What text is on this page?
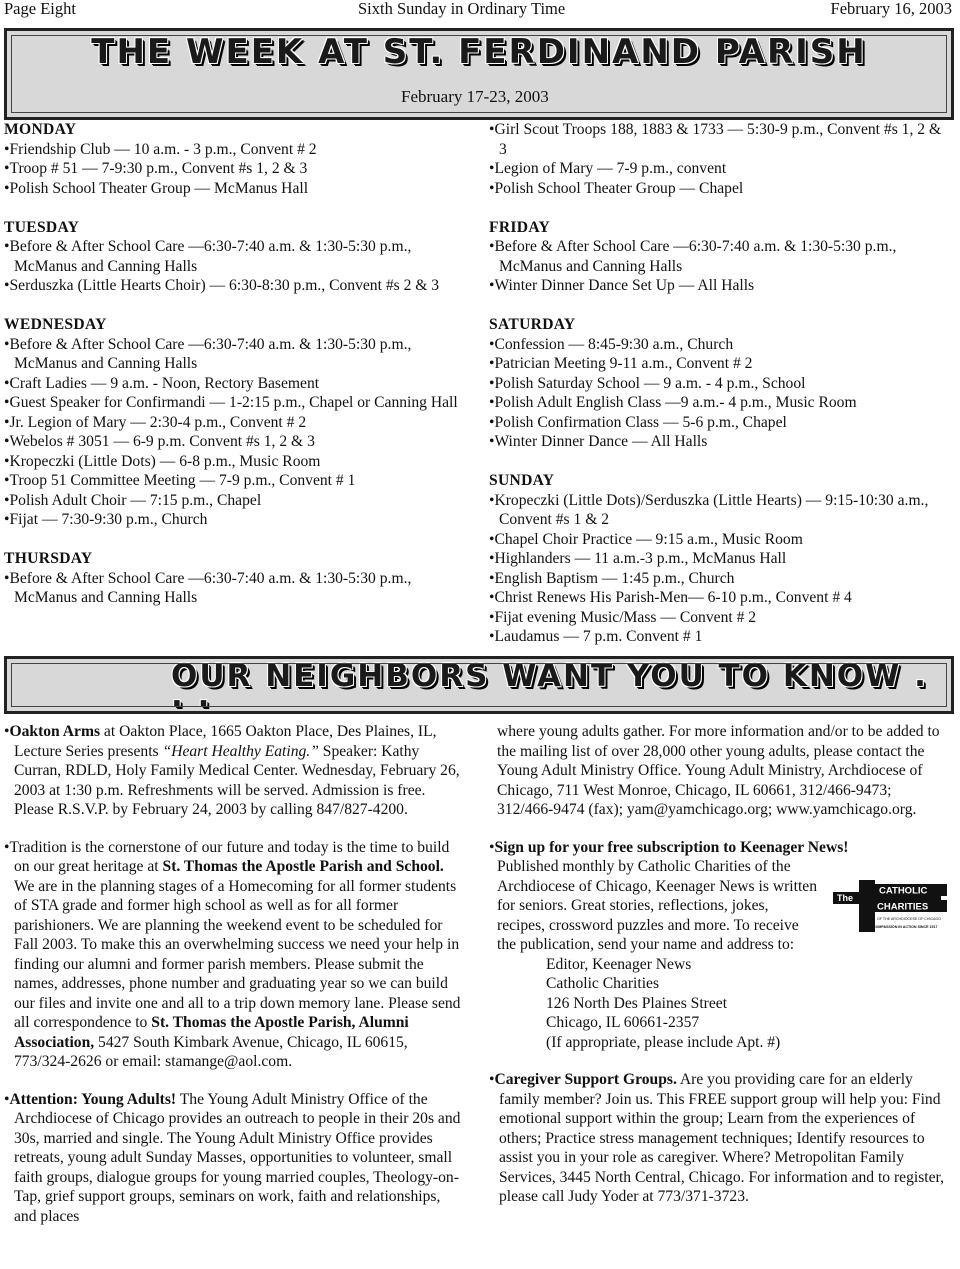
Page Eight	Sixth Sunday in Ordinary Time	February 16, 2003
THE WEEK AT ST. FERDINAND PARISH
February 17-23, 2003
MONDAY
• Friendship Club — 10 a.m. - 3 p.m., Convent # 2
• Troop # 51 — 7-9:30 p.m., Convent #s 1, 2 & 3
• Polish School Theater Group — McManus Hall
TUESDAY
• Before & After School Care —6:30-7:40 a.m. & 1:30-5:30 p.m., McManus and Canning Halls
• Serduszka (Little Hearts Choir) — 6:30-8:30 p.m., Convent #s 2 & 3
WEDNESDAY
• Before & After School Care —6:30-7:40 a.m. & 1:30-5:30 p.m., McManus and Canning Halls
• Craft Ladies — 9 a.m. - Noon, Rectory Basement
• Guest Speaker for Confirmandi — 1-2:15 p.m., Chapel or Canning Hall
• Jr. Legion of Mary — 2:30-4 p.m., Convent # 2
• Webelos # 3051 — 6-9 p.m. Convent #s 1, 2 & 3
• Kropeczki (Little Dots) — 6-8 p.m., Music Room
• Troop 51 Committee Meeting — 7-9 p.m., Convent # 1
• Polish Adult Choir — 7:15 p.m., Chapel
• Fijat — 7:30-9:30 p.m., Church
THURSDAY
• Before & After School Care —6:30-7:40 a.m. & 1:30-5:30 p.m., McManus and Canning Halls
• Girl Scout Troops 188, 1883 & 1733 — 5:30-9 p.m., Convent #s 1, 2 & 3
• Legion of Mary — 7-9 p.m., convent
• Polish School Theater Group — Chapel
FRIDAY
• Before & After School Care —6:30-7:40 a.m. & 1:30-5:30 p.m., McManus and Canning Halls
• Winter Dinner Dance Set Up — All Halls
SATURDAY
• Confession — 8:45-9:30 a.m., Church
• Patrician Meeting 9-11 a.m., Convent # 2
• Polish Saturday School — 9 a.m. - 4 p.m., School
• Polish Adult English Class —9 a.m.- 4 p.m., Music Room
• Polish Confirmation Class — 5-6 p.m., Chapel
• Winter Dinner Dance — All Halls
SUNDAY
• Kropeczki (Little Dots)/Serduszka (Little Hearts) — 9:15-10:30 a.m., Convent #s 1 & 2
• Chapel Choir Practice — 9:15 a.m., Music Room
• Highlanders — 11 a.m.-3 p.m., McManus Hall
• English Baptism — 1:45 p.m., Church
• Christ Renews His Parish-Men— 6-10 p.m., Convent # 4
• Fijat evening Music/Mass — Convent # 2
• Laudamus — 7 p.m. Convent # 1
OUR NEIGHBORS WANT YOU TO KNOW . . .
• Oakton Arms at Oakton Place, 1665 Oakton Place, Des Plaines, IL, Lecture Series presents “Heart Healthy Eating.” Speaker: Kathy Curran, RDLD, Holy Family Medical Center. Wednesday, February 26, 2003 at 1:30 p.m. Refreshments will be served. Admission is free. Please R.S.V.P. by February 24, 2003 by calling 847/827-4200.
• Tradition is the cornerstone of our future and today is the time to build on our great heritage at St. Thomas the Apostle Parish and School. We are in the planning stages of a Homecoming for all former students of STA grade and former high school as well as for all former parishioners. We are planning the weekend event to be scheduled for Fall 2003. To make this an overwhelming success we need your help in finding our alumni and former parish members. Please submit the names, addresses, phone number and graduating year so we can build our files and invite one and all to a trip down memory lane. Please send all correspondence to St. Thomas the Apostle Parish, Alumni Association, 5427 South Kimbark Avenue, Chicago, IL 60615, 773/324-2626 or email: stamange@aol.com.
• Attention: Young Adults! The Young Adult Ministry Office of the Archdiocese of Chicago provides an outreach to people in their 20s and 30s, married and single. The Young Adult Ministry Office provides retreats, young adult Sunday Masses, opportunities to volunteer, small faith groups, dialogue groups for young married couples, Theology-on-Tap, grief support groups, seminars on work, faith and relationships, and places
where young adults gather. For more information and/or to be added to the mailing list of over 28,000 other young adults, please contact the Young Adult Ministry Office. Young Adult Ministry, Archdiocese of Chicago, 711 West Monroe, Chicago, IL 60661, 312/466-9473; 312/466-9474 (fax); yam@yamchicago.org; www.yamchicago.org.
• Sign up for your free subscription to Keenager News!
Published monthly by Catholic Charities of the Archdiocese of Chicago, Keenager News is written for seniors. Great stories, reflections, jokes, recipes, crossword puzzles and more. To receive the publication, send your name and address to:
Editor, Keenager News
Catholic Charities
126 North Des Plaines Street
Chicago, IL 60661-2357
(If appropriate, please include Apt. #)
• Caregiver Support Groups. Are you providing care for an elderly family member? Join us. This FREE support group will help you: Find emotional support within the group; Learn from the experiences of others; Practice stress management techniques; Identify resources to assist you in your role as caregiver. Where? Metropolitan Family Services, 3445 North Central, Chicago. For information and to register, please call Judy Yoder at 773/371-3723.
The
CATHOLIC
CHARITIES
OF THE ARCHDIOCESE OF CHICAGO
COMPASSION IN ACTION SINCE 1917
